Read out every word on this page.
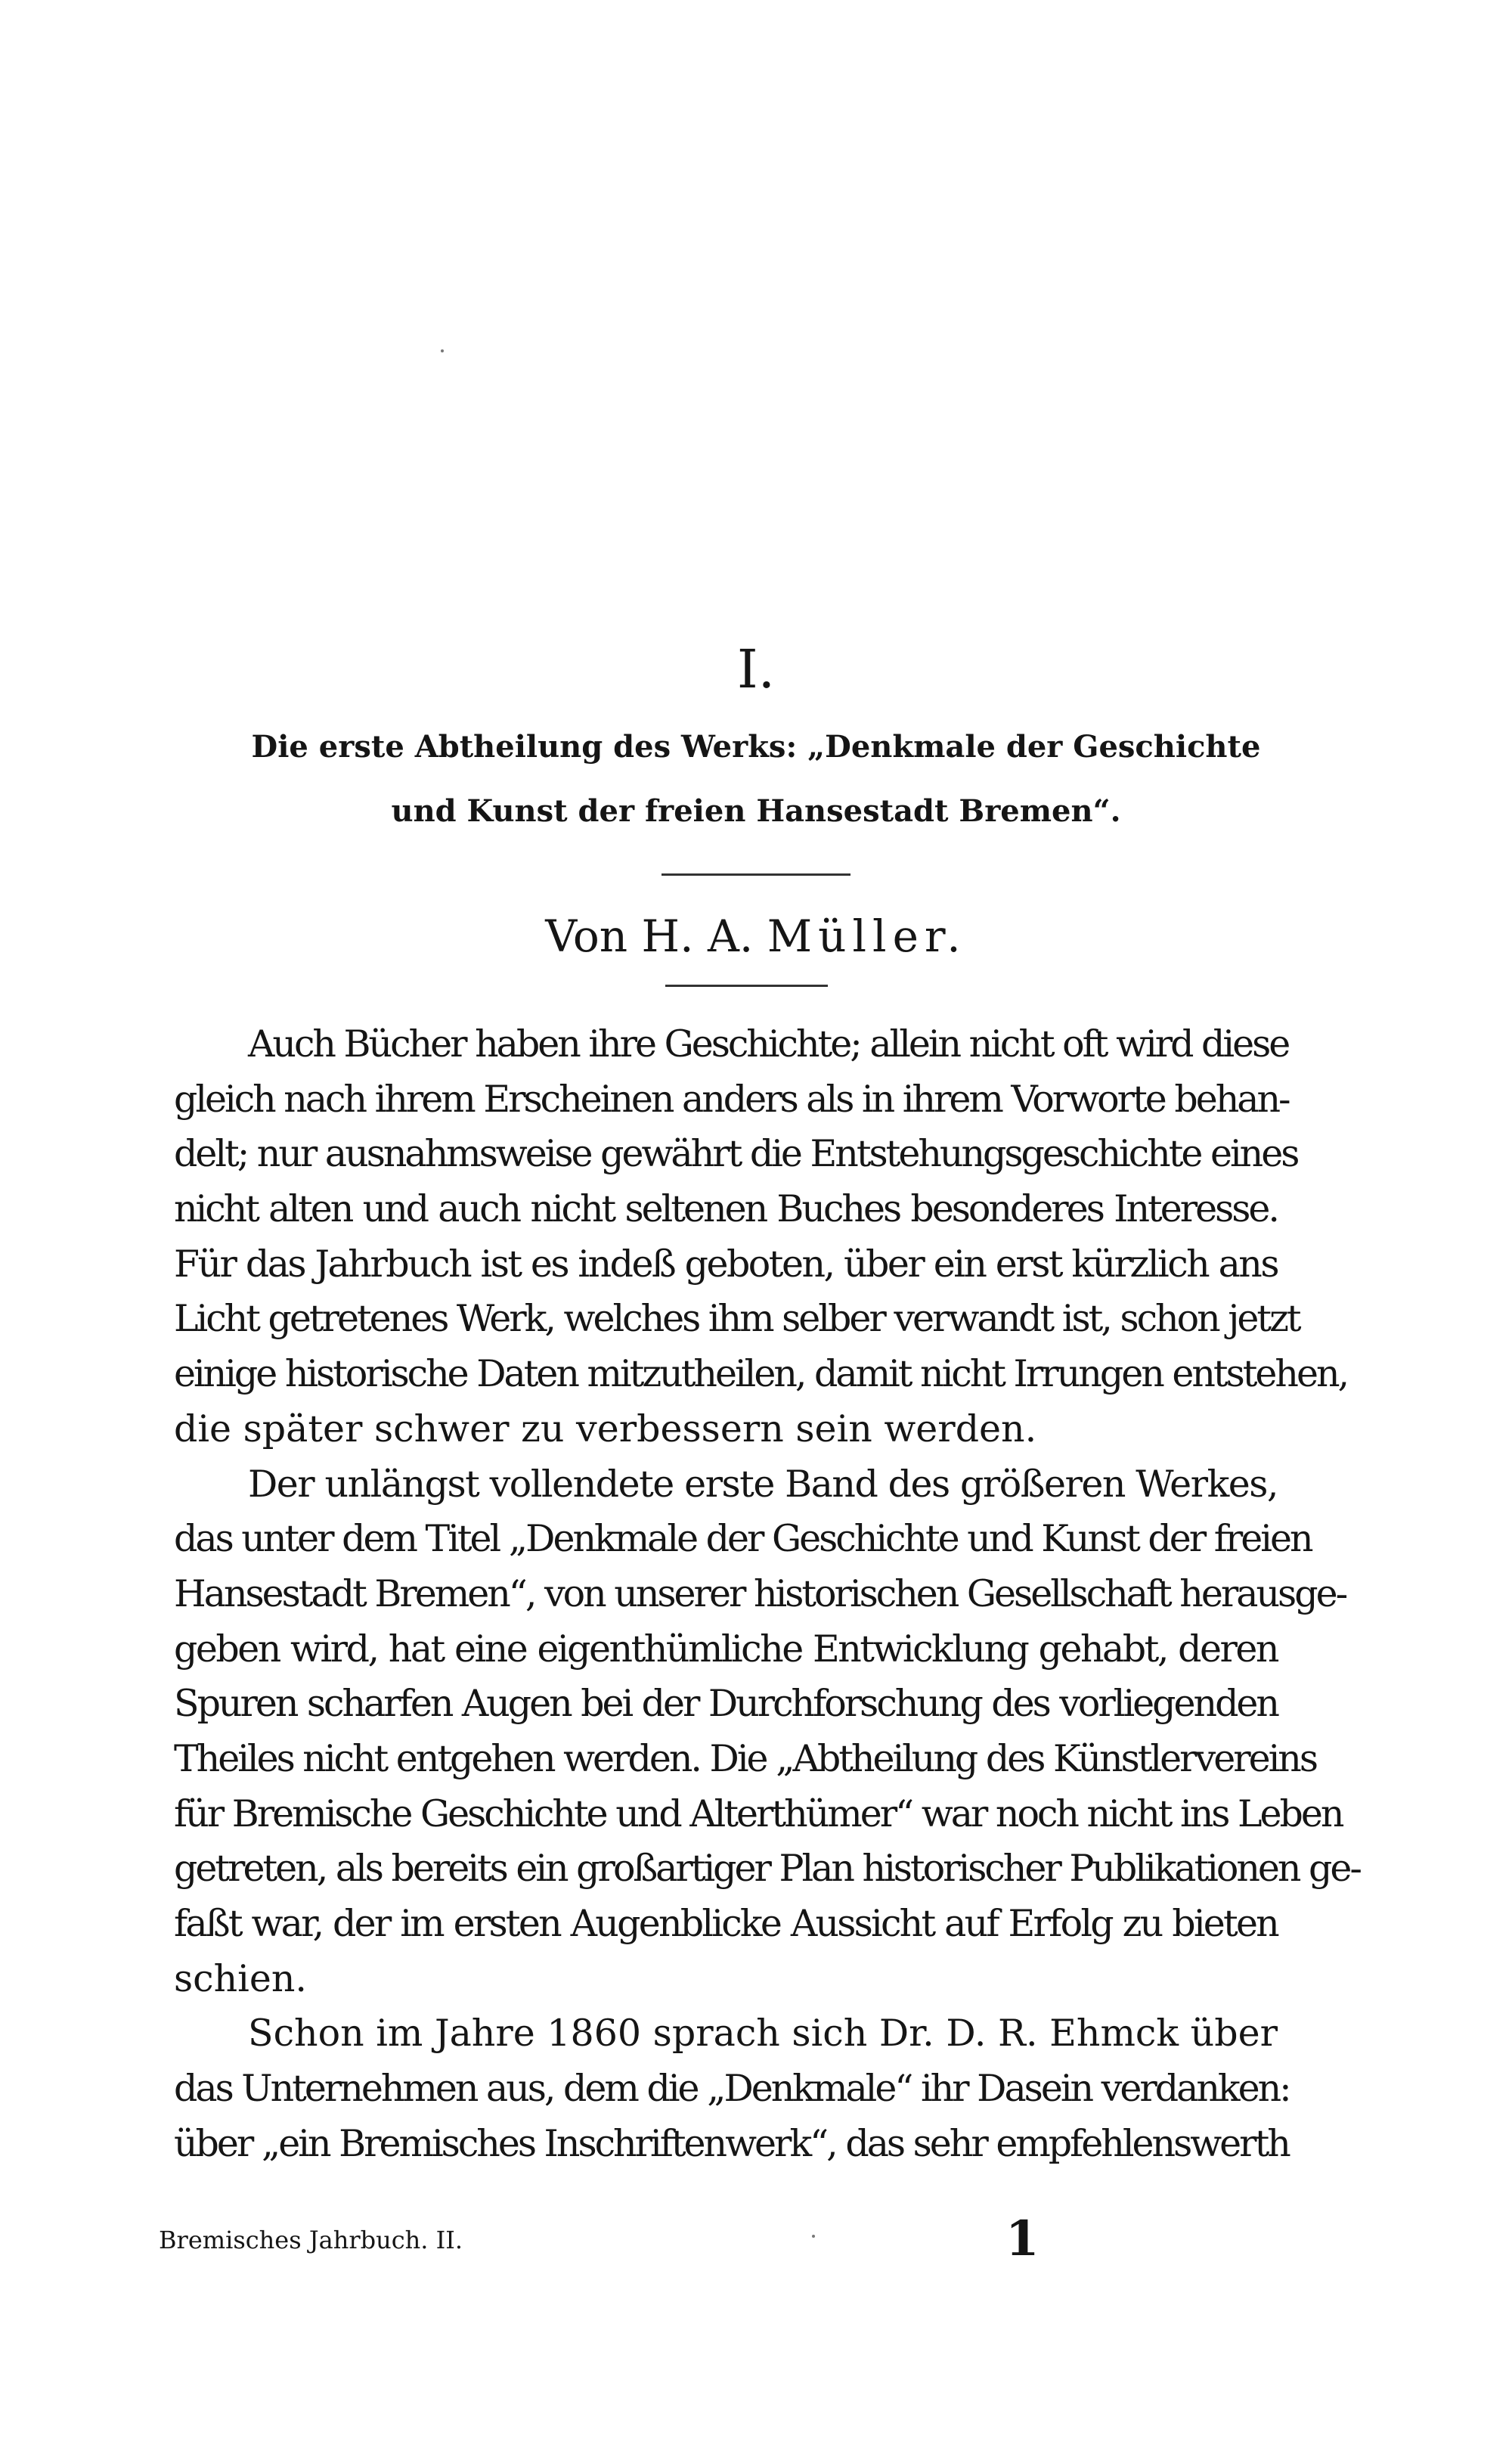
I.
Die erste Abtheilung des Werks: „Denkmale der Geschichte
und Kunst der freien Hansestadt Bremen“.
Von H. A. Müller.
Auch Bücher haben ihre Geschichte; allein nicht oft wird diese
gleich nach ihrem Erscheinen anders als in ihrem Vorworte behan-
delt; nur ausnahmsweise gewährt die Entstehungsgeschichte eines
nicht alten und auch nicht seltenen Buches besonderes Interesse.
Für das Jahrbuch ist es indeß geboten, über ein erst kürzlich ans
Licht getretenes Werk, welches ihm selber verwandt ist, schon jetzt
einige historische Daten mitzutheilen, damit nicht Irrungen entstehen,
die später schwer zu verbessern sein werden.
Der unlängst vollendete erste Band des größeren Werkes,
das unter dem Titel „Denkmale der Geschichte und Kunst der freien
Hansestadt Bremen“, von unserer historischen Gesellschaft herausge-
geben wird, hat eine eigenthümliche Entwicklung gehabt, deren
Spuren scharfen Augen bei der Durchforschung des vorliegenden
Theiles nicht entgehen werden. Die „Abtheilung des Künstlervereins
für Bremische Geschichte und Alterthümer“ war noch nicht ins Leben
getreten, als bereits ein großartiger Plan historischer Publikationen ge-
faßt war, der im ersten Augenblicke Aussicht auf Erfolg zu bieten
schien.
Schon im Jahre 1860 sprach sich Dr. D. R. Ehmck über
das Unternehmen aus, dem die „Denkmale“ ihr Dasein verdanken:
über „ein Bremisches Inschriftenwerk“, das sehr empfehlenswerth
Bremisches Jahrbuch. II.	1
